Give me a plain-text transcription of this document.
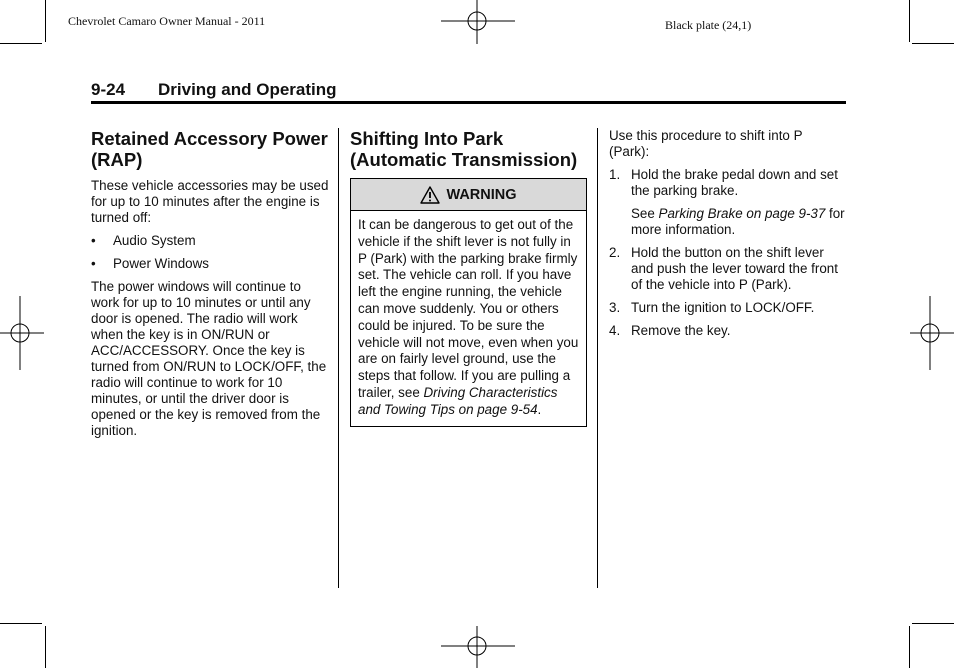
Chevrolet Camaro Owner Manual - 2011	Black plate (24,1)
9-24 Driving and Operating
Retained Accessory Power (RAP)

These vehicle accessories may be used for up to 10 minutes after the engine is turned off:

• Audio System
• Power Windows

The power windows will continue to work for up to 10 minutes or until any door is opened. The radio will work when the key is in ON/RUN or ACC/ACCESSORY. Once the key is turned from ON/RUN to LOCK/OFF, the radio will continue to work for 10 minutes, or until the driver door is opened or the key is removed from the ignition.

Shifting Into Park (Automatic Transmission)
WARNING
It can be dangerous to get out of the vehicle if the shift lever is not fully in P (Park) with the parking brake firmly set. The vehicle can roll. If you have left the engine running, the vehicle can move suddenly. You or others could be injured. To be sure the vehicle will not move, even when you are on fairly level ground, use the steps that follow. If you are pulling a trailer, see Driving Characteristics and Towing Tips on page 9-54.

Use this procedure to shift into P (Park):

1. Hold the brake pedal down and set the parking brake.
See Parking Brake on page 9-37 for more information.
2. Hold the button on the shift lever and push the lever toward the front of the vehicle into P (Park).
3. Turn the ignition to LOCK/OFF.
4. Remove the key.
